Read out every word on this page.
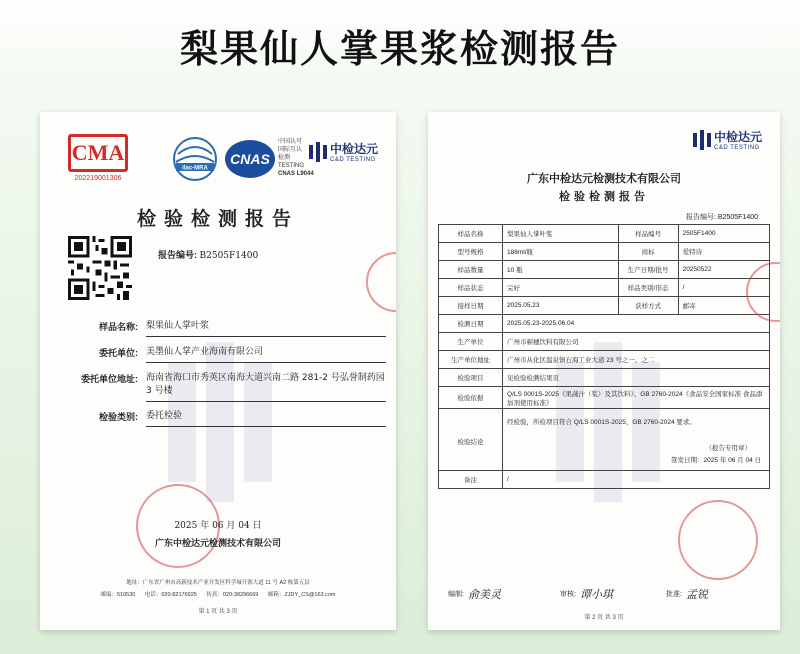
梨果仙人掌果浆检测报告
CMA
202219001306
ilac-MRA
CNAS
中国认可
国际互认
检测
TESTING
CNAS L9044
中检达元
C&D TESTING
检验检测报告
报告编号: B2505F1400
样品名称: 梨果仙人掌叶浆
委托单位: 美墨仙人掌产业海南有限公司
委托单位地址: 海南省海口市秀英区南海大道兴南二路 281-2 号弘誉制药园 3 号楼
检验类别: 委托检验
2025 年 06 月 04 日
广东中检达元检测技术有限公司
地址：广东省广州市高新技术产业开发区科学城开源大道 11 号 A2 栋第五层
邮编：510530 电话：020-82176925 传真：020-38296669 邮箱：ZJDY_CS@163.com
第 1 页 共 3 页
中检达元
C&D TESTING
广东中检达元检测技术有限公司
检验检测报告
报告编号: B2505F1400
样品名称	梨果仙人掌叶浆	样品编号	2505F1400
型号规格	188ml/瓶	商标	爱特诗
样品数量	10 瓶	生产日期/批号	20250522
样品状态	完好	样品类别/形态	/
接样日期	2025.05.23	获样方式	邮寄
检测日期	2025.05.23-2025.06.04		
生产单位	广州市顿穗饮料有限公司		
生产单位地址	广州市从化区温泉镇石海工业大道 23 号之一、之二		
检验项目	见检验检测结果页		
检验依据	Q/LS 0001S-2025《果蔬汁（浆）及其饮料》、GB 2760-2024《食品安全国家标准 食品添加剂使用标准》		
检验结论	经检验，所检项目符合 Q/LS 0001S-2025、GB 2760-2024 要求。
（报告专用章）
签发日期：2025 年 06 月 04 日		

备注	/		
编制: 俞美灵	审核: 谭小琪	批准: 孟锐
第 2 页 共 3 页
